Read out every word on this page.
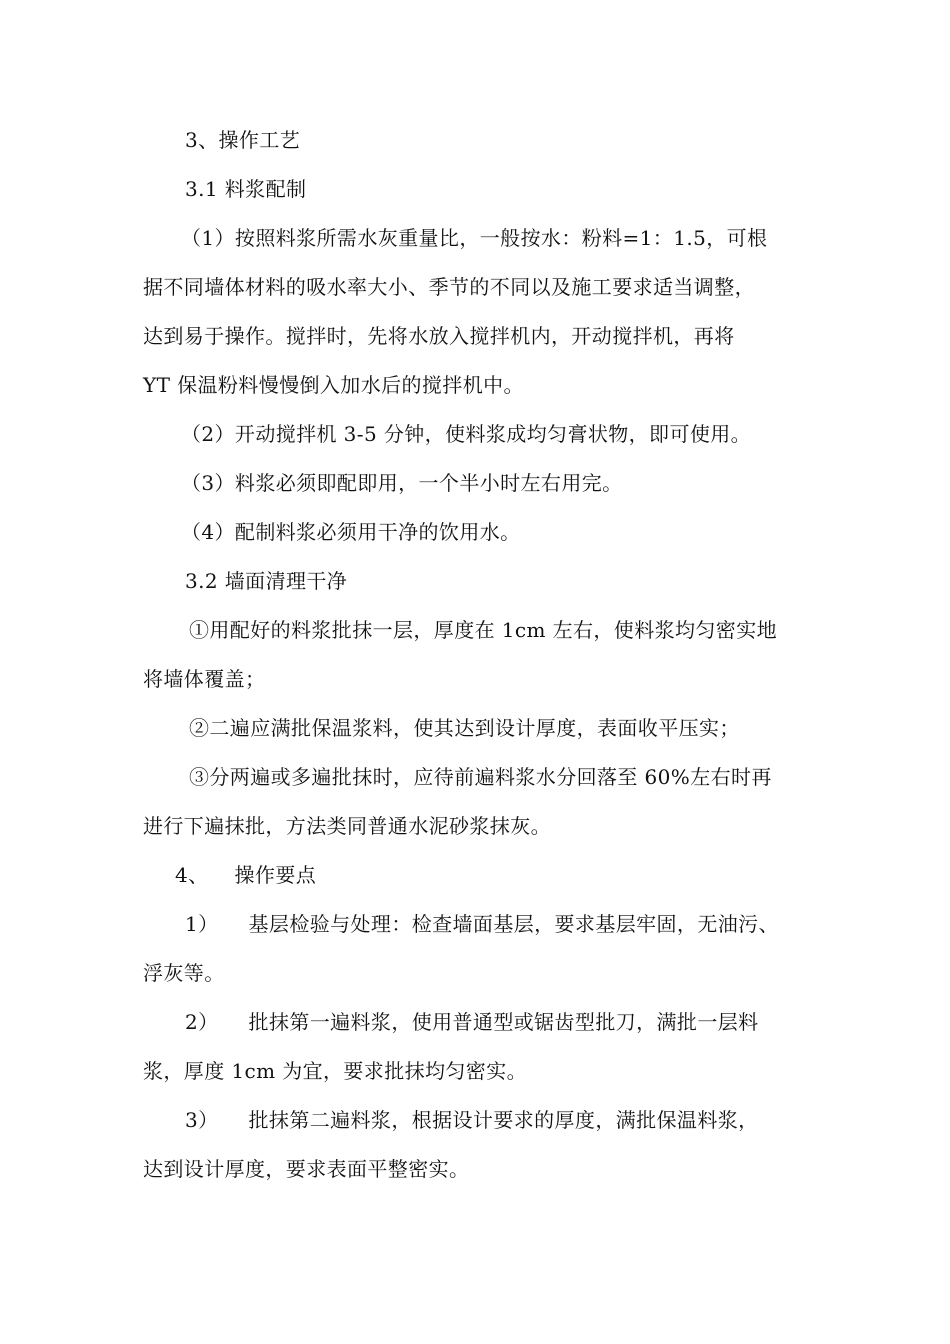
3、操作工艺

3.1 料浆配制

（1）按照料浆所需水灰重量比，一般按水：粉料=1：1.5，可根

据不同墙体材料的吸水率大小、季节的不同以及施工要求适当调整，

达到易于操作。搅拌时，先将水放入搅拌机内，开动搅拌机，再将

YT 保温粉料慢慢倒入加水后的搅拌机中。

（2）开动搅拌机 3-5 分钟，使料浆成均匀膏状物，即可使用。

（3）料浆必须即配即用，一个半小时左右用完。

（4）配制料浆必须用干净的饮用水。

3.2 墙面清理干净

①用配好的料浆批抹一层，厚度在 1cm 左右，使料浆均匀密实地

将墙体覆盖；

②二遍应满批保温浆料，使其达到设计厚度，表面收平压实；

③分两遍或多遍批抹时，应待前遍料浆水分回落至 60%左右时再

进行下遍抹批，方法类同普通水泥砂浆抹灰。

4、 操作要点

1） 基层检验与处理：检查墙面基层，要求基层牢固，无油污、

浮灰等。

2） 批抹第一遍料浆，使用普通型或锯齿型批刀，满批一层料

浆，厚度 1cm 为宜，要求批抹均匀密实。

3） 批抹第二遍料浆，根据设计要求的厚度，满批保温料浆，

达到设计厚度，要求表面平整密实。
